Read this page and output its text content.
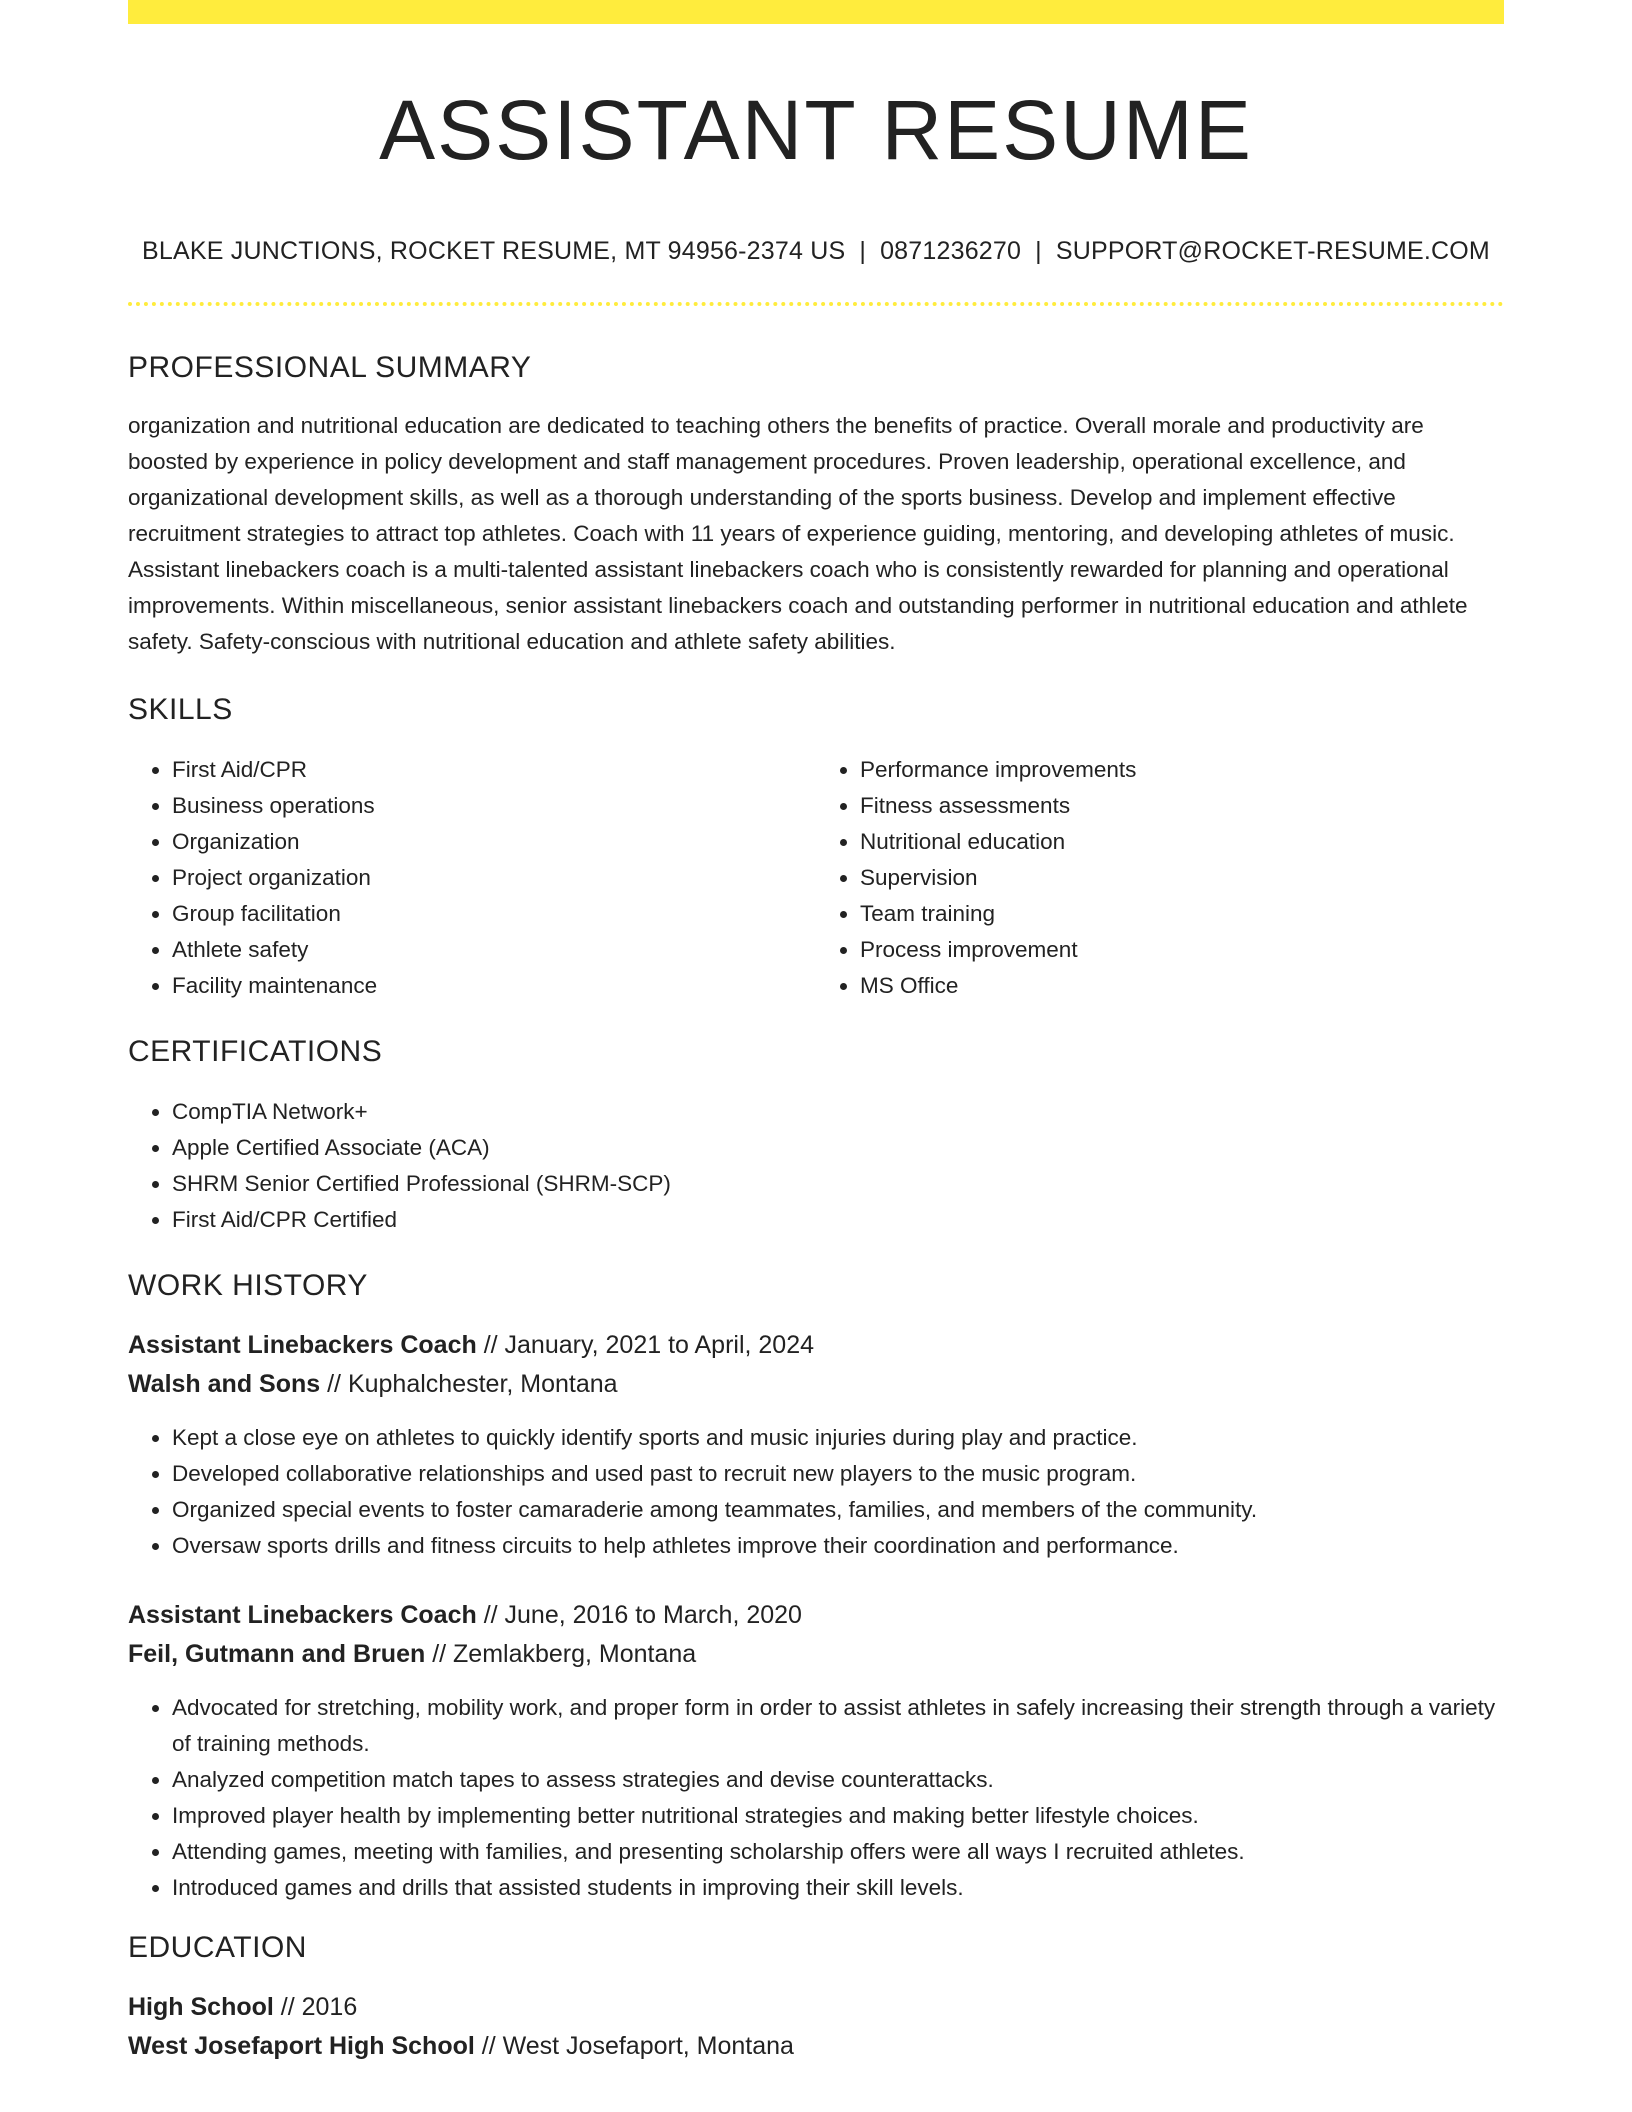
ASSISTANT RESUME
BLAKE JUNCTIONS, ROCKET RESUME, MT 94956-2374 US | 0871236270 | SUPPORT@ROCKET-RESUME.COM
PROFESSIONAL SUMMARY

organization and nutritional education are dedicated to teaching others the benefits of practice. Overall morale and productivity are boosted by experience in policy development and staff management procedures. Proven leadership, operational excellence, and organizational development skills, as well as a thorough understanding of the sports business. Develop and implement effective recruitment strategies to attract top athletes. Coach with 11 years of experience guiding, mentoring, and developing athletes of music. Assistant linebackers coach is a multi-talented assistant linebackers coach who is consistently rewarded for planning and operational improvements. Within miscellaneous, senior assistant linebackers coach and outstanding performer in nutritional education and athlete safety. Safety-conscious with nutritional education and athlete safety abilities.

SKILLS
• First Aid/CPR
• Business operations
• Organization
• Project organization
• Group facilitation
• Athlete safety
• Facility maintenance
• Performance improvements
• Fitness assessments
• Nutritional education
• Supervision
• Team training
• Process improvement
• MS Office
CERTIFICATIONS
• CompTIA Network+
• Apple Certified Associate (ACA)
• SHRM Senior Certified Professional (SHRM-SCP)
• First Aid/CPR Certified
WORK HISTORY
Assistant Linebackers Coach // January, 2021 to April, 2024
Walsh and Sons // Kuphalchester, Montana
• Kept a close eye on athletes to quickly identify sports and music injuries during play and practice.
• Developed collaborative relationships and used past to recruit new players to the music program.
• Organized special events to foster camaraderie among teammates, families, and members of the community.
• Oversaw sports drills and fitness circuits to help athletes improve their coordination and performance.
Assistant Linebackers Coach // June, 2016 to March, 2020
Feil, Gutmann and Bruen // Zemlakberg, Montana
• Advocated for stretching, mobility work, and proper form in order to assist athletes in safely increasing their strength through a variety of training methods.
• Analyzed competition match tapes to assess strategies and devise counterattacks.
• Improved player health by implementing better nutritional strategies and making better lifestyle choices.
• Attending games, meeting with families, and presenting scholarship offers were all ways I recruited athletes.
• Introduced games and drills that assisted students in improving their skill levels.
EDUCATION
High School // 2016
West Josefaport High School // West Josefaport, Montana
